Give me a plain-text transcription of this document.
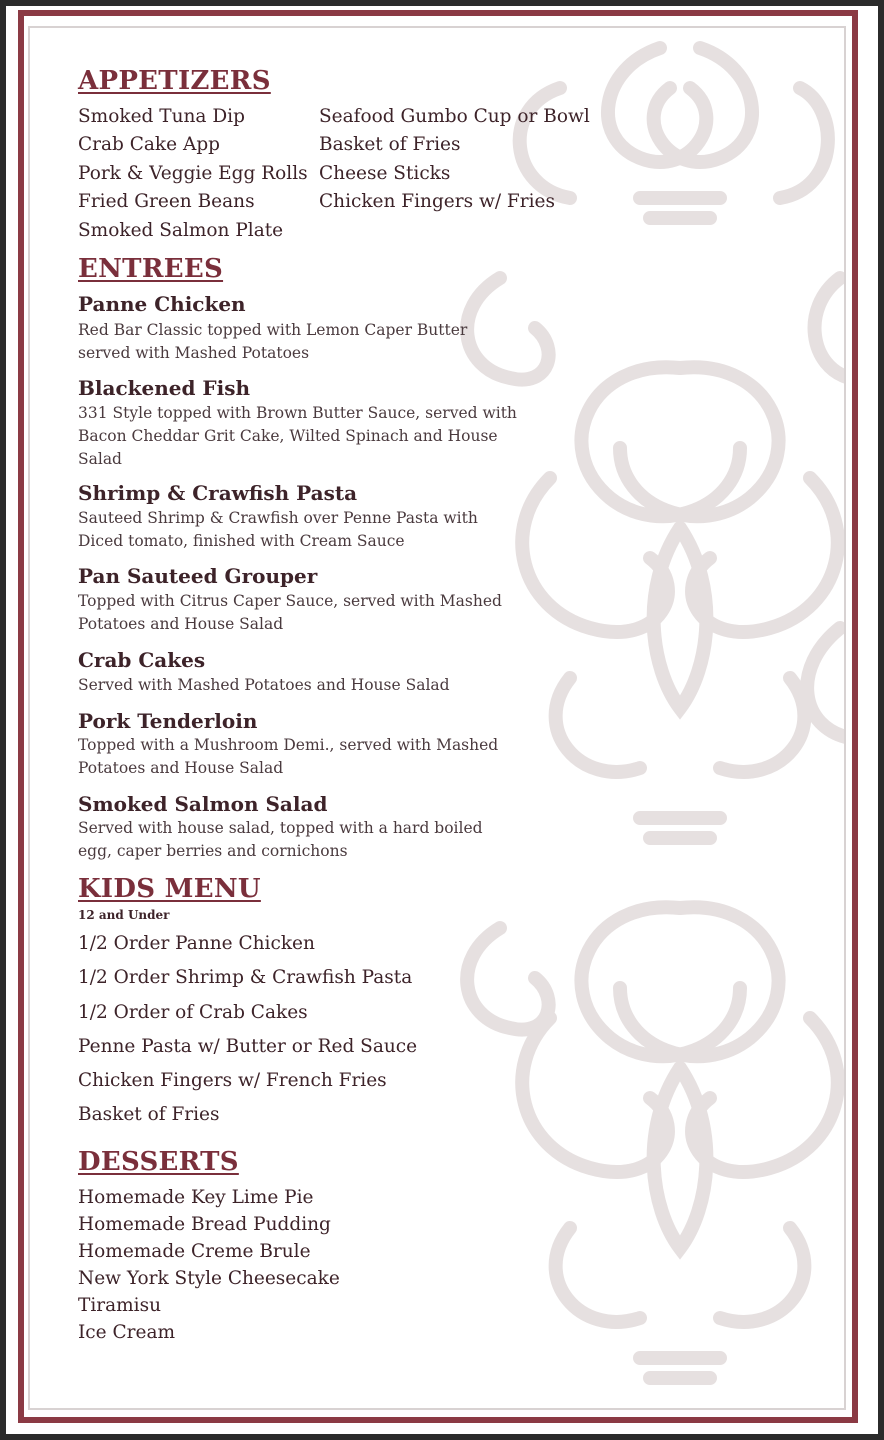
APPETIZERS
Smoked Tuna Dip
Crab Cake App
Pork & Veggie Egg Rolls
Fried Green Beans
Smoked Salmon Plate
Seafood Gumbo Cup or Bowl
Basket of Fries
Cheese Sticks
Chicken Fingers w/ Fries
ENTREES
Panne Chicken
Red Bar Classic topped with Lemon Caper Butter served with Mashed Potatoes
Blackened Fish
331 Style topped with Brown Butter Sauce, served with Bacon Cheddar Grit Cake, Wilted Spinach and House Salad
Shrimp & Crawfish Pasta
Sauteed Shrimp & Crawfish over Penne Pasta with Diced tomato, finished with Cream Sauce
Pan Sauteed Grouper
Topped with Citrus Caper Sauce, served with Mashed Potatoes and House Salad
Crab Cakes
Served with Mashed Potatoes and House Salad
Pork Tenderloin
Topped with a Mushroom Demi., served with Mashed Potatoes and House Salad
Smoked Salmon Salad
Served with house salad, topped with a hard boiled egg, caper berries and cornichons
KIDS MENU
12 and Under
1/2 Order Panne Chicken
1/2 Order Shrimp & Crawfish Pasta
1/2 Order of Crab Cakes
Penne Pasta w/ Butter or Red Sauce
Chicken Fingers w/ French Fries
Basket of Fries
DESSERTS
Homemade Key Lime Pie
Homemade Bread Pudding
Homemade Creme Brule
New York Style Cheesecake
Tiramisu
Ice Cream
